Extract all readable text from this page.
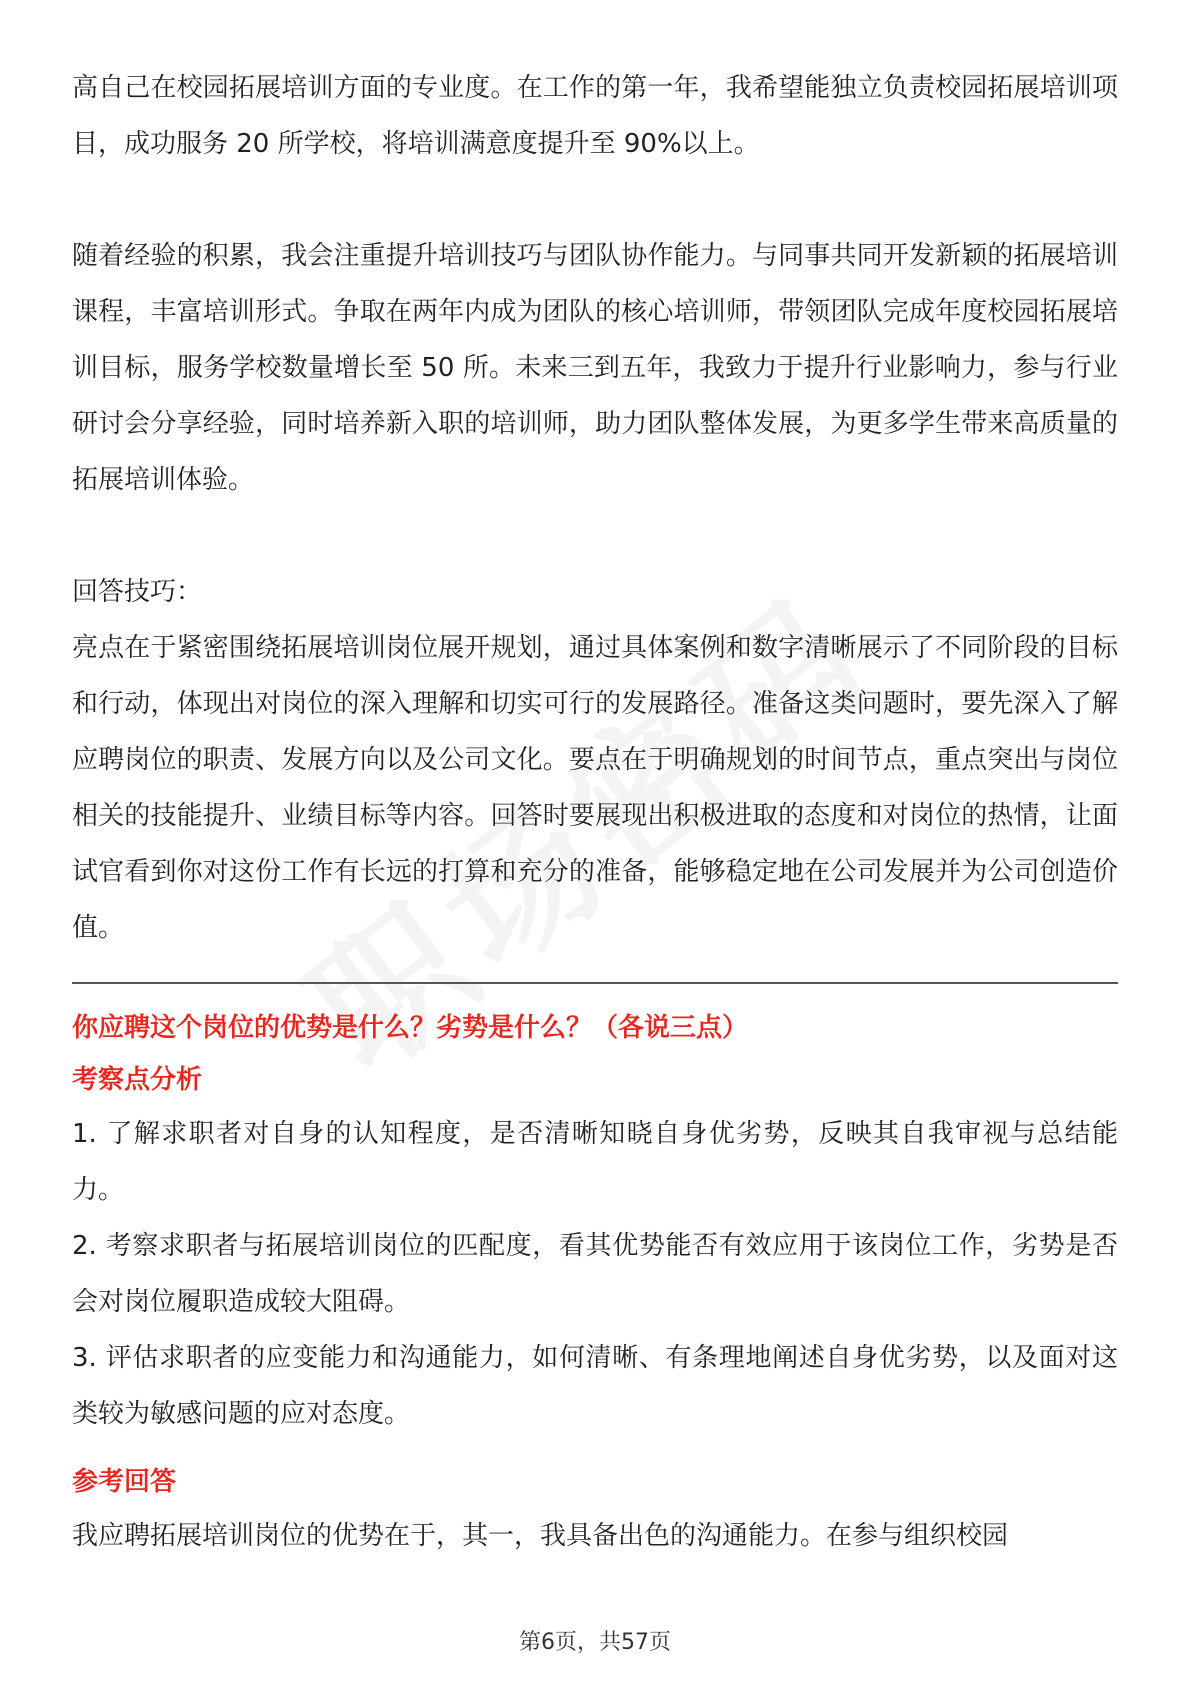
高自己在校园拓展培训方面的专业度。在工作的第一年，我希望能独立负责校园拓展培训项目，成功服务 20 所学校，将培训满意度提升至 90%以上。

随着经验的积累，我会注重提升培训技巧与团队协作能力。与同事共同开发新颖的拓展培训课程，丰富培训形式。争取在两年内成为团队的核心培训师，带领团队完成年度校园拓展培训目标，服务学校数量增长至 50 所。未来三到五年，我致力于提升行业影响力，参与行业研讨会分享经验，同时培养新入职的培训师，助力团队整体发展，为更多学生带来高质量的拓展培训体验。

回答技巧：

亮点在于紧密围绕拓展培训岗位展开规划，通过具体案例和数字清晰展示了不同阶段的目标和行动，体现出对岗位的深入理解和切实可行的发展路径。准备这类问题时，要先深入了解应聘岗位的职责、发展方向以及公司文化。要点在于明确规划的时间节点，重点突出与岗位相关的技能提升、业绩目标等内容。回答时要展现出积极进取的态度和对岗位的热情，让面试官看到你对这份工作有长远的打算和充分的准备，能够稳定地在公司发展并为公司创造价值。

你应聘这个岗位的优势是什么？劣势是什么？（各说三点）

考察点分析

1. 了解求职者对自身的认知程度，是否清晰知晓自身优劣势，反映其自我审视与总结能力。

2. 考察求职者与拓展培训岗位的匹配度，看其优势能否有效应用于该岗位工作，劣势是否会对岗位履职造成较大阻碍。

3. 评估求职者的应变能力和沟通能力，如何清晰、有条理地阐述自身优劣势，以及面对这类较为敏感问题的应对态度。

参考回答

我应聘拓展培训岗位的优势在于，其一，我具备出色的沟通能力。在参与组织校园

第6页，共57页
